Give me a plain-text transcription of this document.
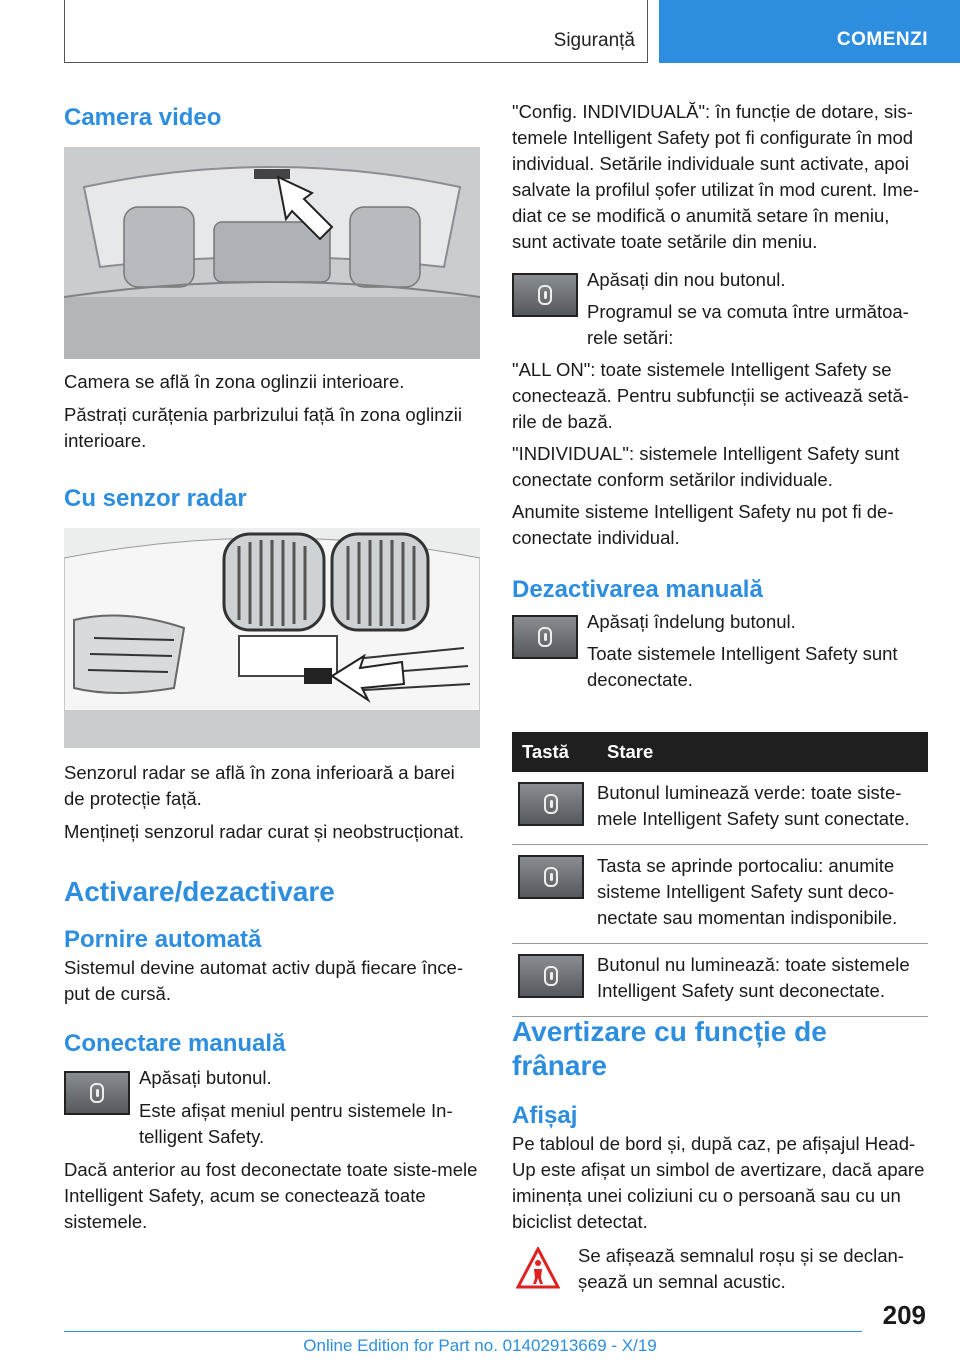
Siguranță	COMENZI
Camera video

Camera se află în zona oglinzii interioare.

Păstrați curățenia parbrizului față în zona oglinzii interioare.

Cu senzor radar

Senzorul radar se află în zona inferioară a barei de protecție față.

Mențineți senzorul radar curat și neobstrucționat.

Activare/dezactivare
Pornire automată

Sistemul devine automat activ după fiecare înce‐put de cursă.

Conectare manuală

Apăsați butonul.

Este afișat meniul pentru sistemele In‐telligent Safety.

Dacă anterior au fost deconectate toate siste‐mele Intelligent Safety, acum se conectează toate sistemele.

"Config. INDIVIDUALĂ": în funcție de dotare, sis‐temele Intelligent Safety pot fi configurate în mod individual. Setările individuale sunt activate, apoi salvate la profilul șofer utilizat în mod curent. Ime‐diat ce se modifică o anumită setare în meniu, sunt activate toate setările din meniu.

Apăsați din nou butonul.

Programul se va comuta între următoa‐rele setări:

"ALL ON": toate sistemele Intelligent Safety se conectează. Pentru subfuncții se activează setă‐rile de bază.

"INDIVIDUAL": sistemele Intelligent Safety sunt conectate conform setărilor individuale.

Anumite sisteme Intelligent Safety nu pot fi de‐conectate individual.

Dezactivarea manuală

Apăsați îndelung butonul.

Toate sistemele Intelligent Safety sunt deconectate.

Tastă	Stare

	Butonul luminează verde: toate siste‐mele Intelligent Safety sunt conectate.

	Tasta se aprinde portocaliu: anumite sisteme Intelligent Safety sunt deco‐nectate sau momentan indisponibile.

	Butonul nu luminează: toate sistemele Intelligent Safety sunt deconectate.
Avertizare cu funcție de frânare
Afișaj

Pe tabloul de bord și, după caz, pe afișajul Head-Up este afișat un simbol de avertizare, dacă apare iminența unei coliziuni cu o persoană sau cu un biciclist detectat.

Se afișează semnalul roșu și se declan‐șează un semnal acustic.

209
Online Edition for Part no. 01402913669 - X/19
